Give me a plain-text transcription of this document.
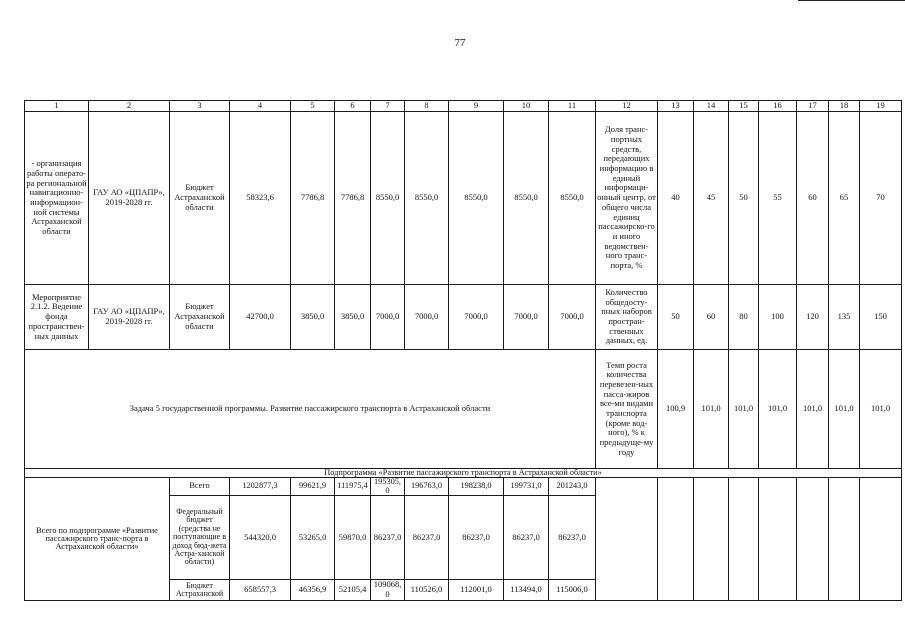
77
1	2	3	4	5	6	7	8	9	10	11	12	13	14	15	16	17	18	19
- организация работы операто-ра региональной навигационно-информацион-ной системы Астраханской области	ГАУ АО «ЦПАПР», 2019-2028 гг.	Бюджет Астраханской области	58323,6	7786,8	7786,8	8550,0	8550,0	8550,0	8550,0	8550,0	Доля транс-портных средств, передающих информацию в единый информаци-онный центр, от общего числа единиц пассажирско-го и иного ведомствен-ного транс-порта, %	40	45	50	55	60	65	70
Мероприятие 2.1.2. Ведение фонда пространствен-ных данных	ГАУ АО «ЦПАПР», 2019-2028 гг.	Бюджет Астраханской области	42700,0	3850,0	3850,0	7000,0	7000,0	7000,0	7000,0	7000,0	Количество общедосту-пных наборов простран-ственных данных, ед.	50	60	80	100	120	135	150
Задача 5 государственной программы. Развитие пассажирского транспорта в Астраханской области											Темп роста количества перевезен-ных пасса-жиров все-ми видами транспорта (кроме вод-ного), % к предыдуще-му году	100,9	101,0	101,0	101,0	101,0	101,0	101,0
Подпрограмма «Развитие пассажирского транспорта в Астраханской области»																		
Всего по подпрограмме «Развитие пассажирского транс-порта в Астраханской области»		Всего	1202877,3	99621,9	111975,4	195305,0	196763,0	198238,0	199731,0	201243,0								
		Федеральный бюджет (средства не поступающие в доход бюд-жета Астра-ханской области)	544320,0	53265,0	59870,0	86237,0	86237,0	86237,0	86237,0	86237,0								
		Бюджет Астраханской	658557,3	46356,9	52105,4	109068,0	110526,0	112001,0	113494,0	115006,0								
